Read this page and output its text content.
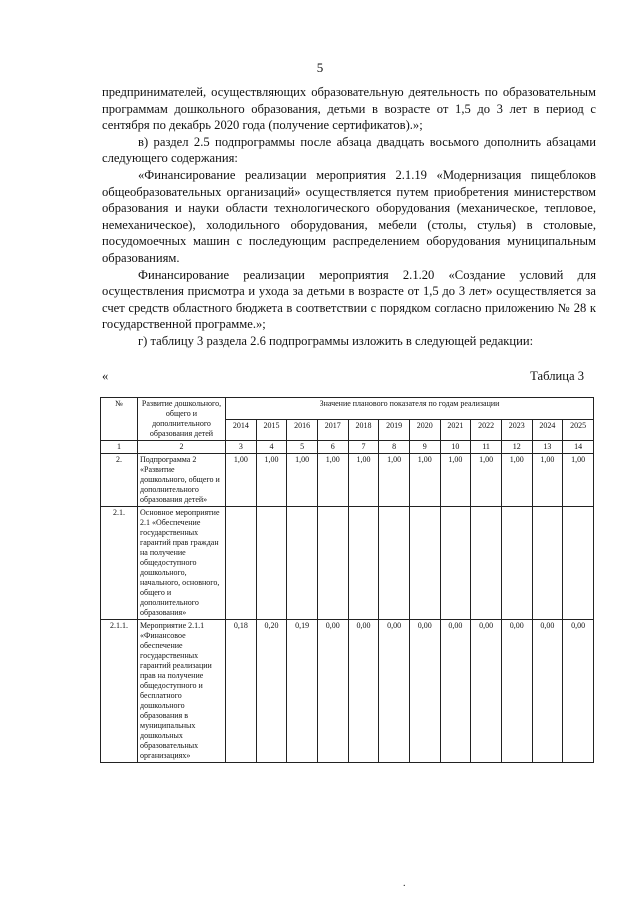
5

предпринимателей, осуществляющих образовательную деятельность по образовательным программам дошкольного образования, детьми в возрасте от 1,5 до 3 лет в период с сентября по декабрь 2020 года (получение сертификатов).»;

в) раздел 2.5 подпрограммы после абзаца двадцать восьмого дополнить абзацами следующего содержания:

«Финансирование реализации мероприятия 2.1.19 «Модернизация пищеблоков общеобразовательных организаций» осуществляется путем приобретения министерством образования и науки области технологического оборудования (механическое, тепловое, немеханическое), холодильного оборудования, мебели (столы, стулья) в столовые, посудомоечных машин с последующим распределением оборудования муниципальным образованиям.

Финансирование реализации мероприятия 2.1.20 «Создание условий для осуществления присмотра и ухода за детьми в возрасте от 1,5 до 3 лет» осуществляется за счет средств областного бюджета в соответствии с порядком согласно приложению № 28 к государственной программе.»;

г) таблицу 3 раздела 2.6 подпрограммы изложить в следующей редакции:

«	Таблица 3
№	Развитие дошкольного, общего и дополнительного образования детей	Значение планового показателя по годам реализации											
		2014	2015	2016	2017	2018	2019	2020	2021	2022	2023	2024	2025
1	2	3	4	5	6	7	8	9	10	11	12	13	14
2.	Подпрограмма 2 «Развитие дошкольного, общего и дополнительного образования детей»	1,00	1,00	1,00	1,00	1,00	1,00	1,00	1,00	1,00	1,00	1,00	1,00
2.1.	Основное мероприятие 2.1 «Обеспечение государственных гарантий прав граждан на получение общедоступного дошкольного, начального, основного, общего и дополнительного образования»												
2.1.1.	Мероприятие 2.1.1 «Финансовое обеспечение государственных гарантий реализации прав на получение общедоступного и бесплатного дошкольного образования в муниципальных дошкольных образовательных организациях»	0,18	0,20	0,19	0,00	0,00	0,00	0,00	0,00	0,00	0,00	0,00	0,00
.
